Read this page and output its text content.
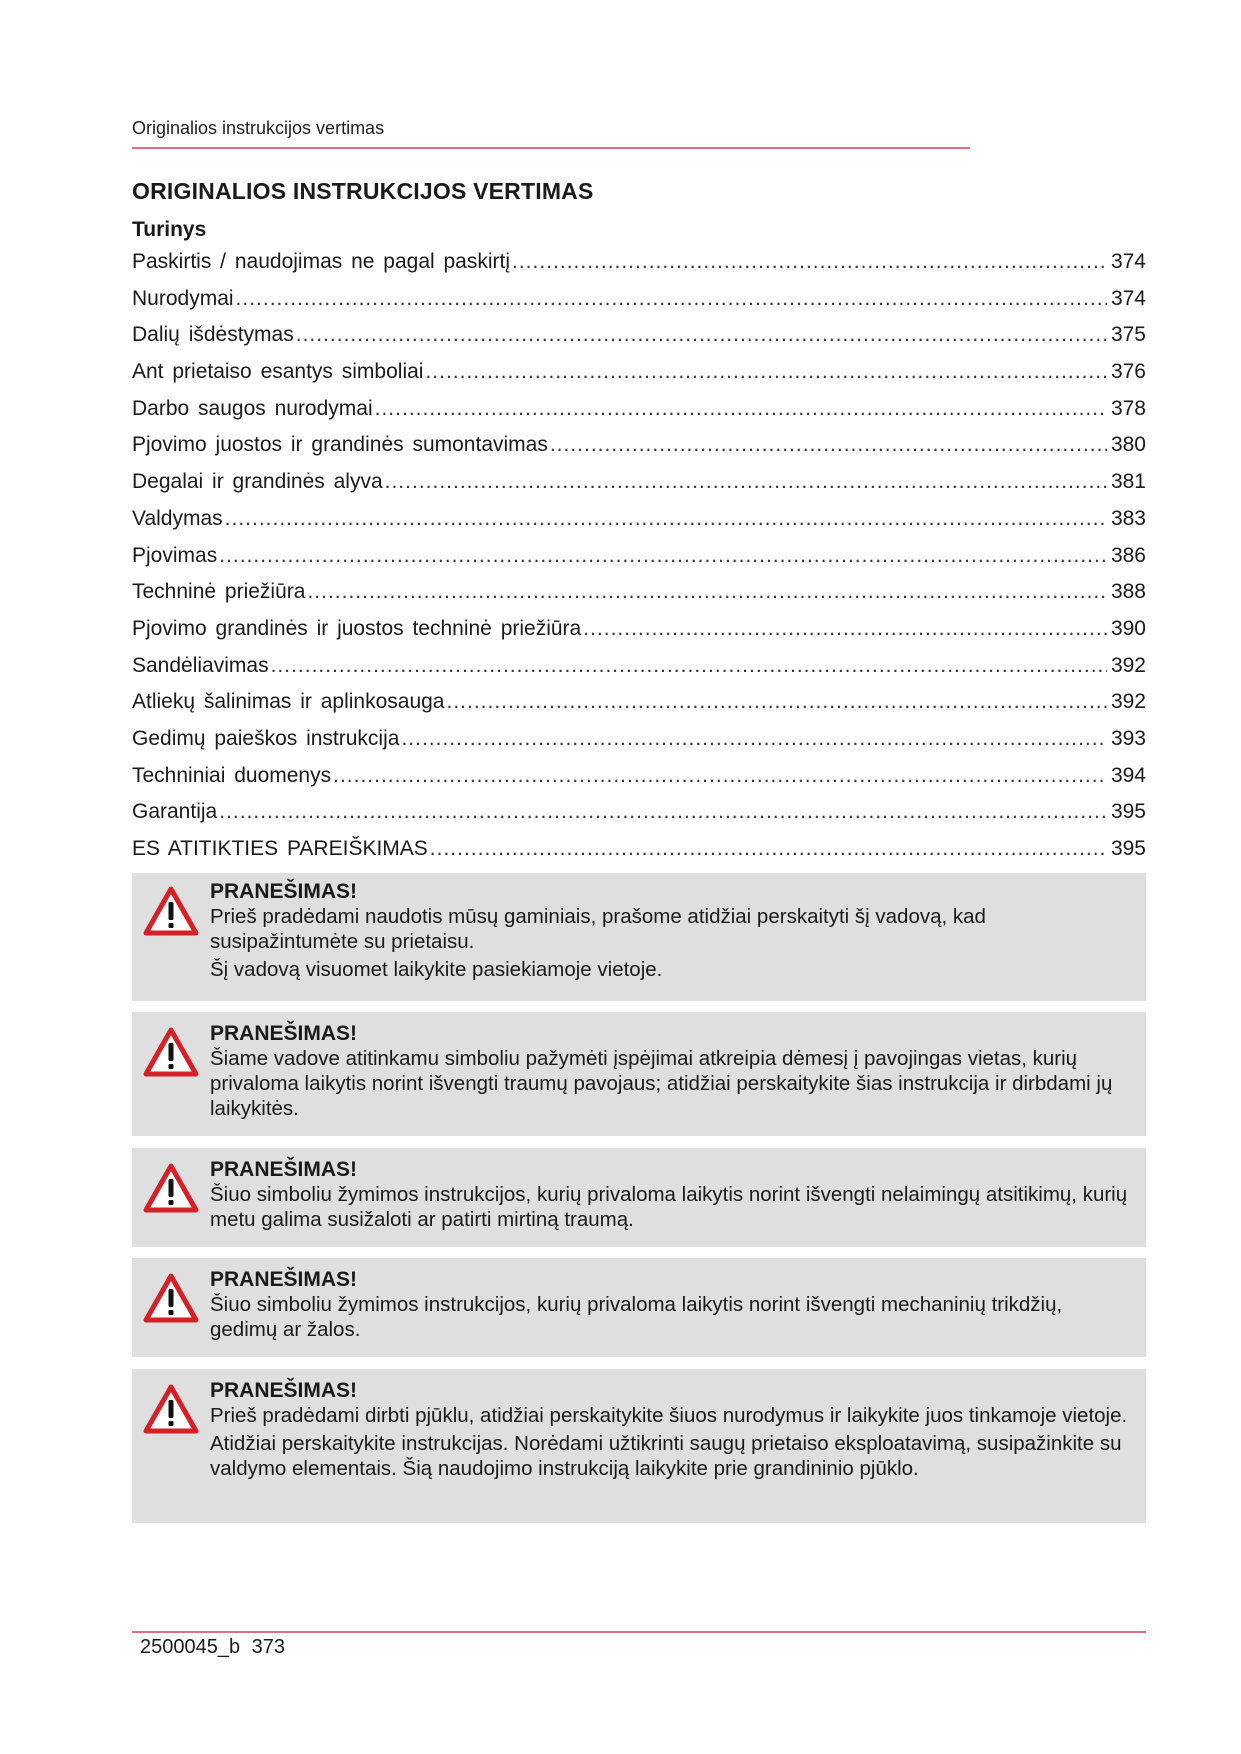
Originalios instrukcijos vertimas
ORIGINALIOS INSTRUKCIJOS VERTIMAS
Turinys
Paskirtis / naudojimas ne pagal paskirtį .....	374
Nurodymai .....	374
Dalių išdėstymas .....	375
Ant prietaiso esantys simboliai .....	376
Darbo saugos nurodymai .....	378
Pjovimo juostos ir grandinės sumontavimas .....	380
Degalai ir grandinės alyva .....	381
Valdymas .....	383
Pjovimas .....	386
Techninė priežiūra .....	388
Pjovimo grandinės ir juostos techninė priežiūra .....	390
Sandėliavimas .....	392
Atliekų šalinimas ir aplinkosauga .....	392
Gedimų paieškos instrukcija .....	393
Techniniai duomenys .....	394
Garantija .....	395
ES ATITIKTIES PAREIŠKIMAS .....	395
PRANEŠIMAS!

Prieš pradėdami naudotis mūsų gaminiais, prašome atidžiai perskaityti šį vadovą, kad susipažintumėte su prietaisu.

Šį vadovą visuomet laikykite pasiekiamoje vietoje.

PRANEŠIMAS!

Šiame vadove atitinkamu simboliu pažymėti įspėjimai atkreipia dėmesį į pavojingas vietas, kurių privaloma laikytis norint išvengti traumų pavojaus; atidžiai perskaitykite šias instrukcija ir dirbdami jų laikykitės.

PRANEŠIMAS!

Šiuo simboliu žymimos instrukcijos, kurių privaloma laikytis norint išvengti nelaimingų atsitikimų, kurių metu galima susižaloti ar patirti mirtiną traumą.

PRANEŠIMAS!

Šiuo simboliu žymimos instrukcijos, kurių privaloma laikytis norint išvengti mechaninių trikdžių, gedimų ar žalos.

PRANEŠIMAS!

Prieš pradėdami dirbti pjūklu, atidžiai perskaitykite šiuos nurodymus ir laikykite juos tinkamoje vietoje.

Atidžiai perskaitykite instrukcijas. Norėdami užtikrinti saugų prietaiso eksploatavimą, susipažinkite su valdymo elementais. Šią naudojimo instrukciją laikykite prie grandininio pjūklo.

2500045_b 373
